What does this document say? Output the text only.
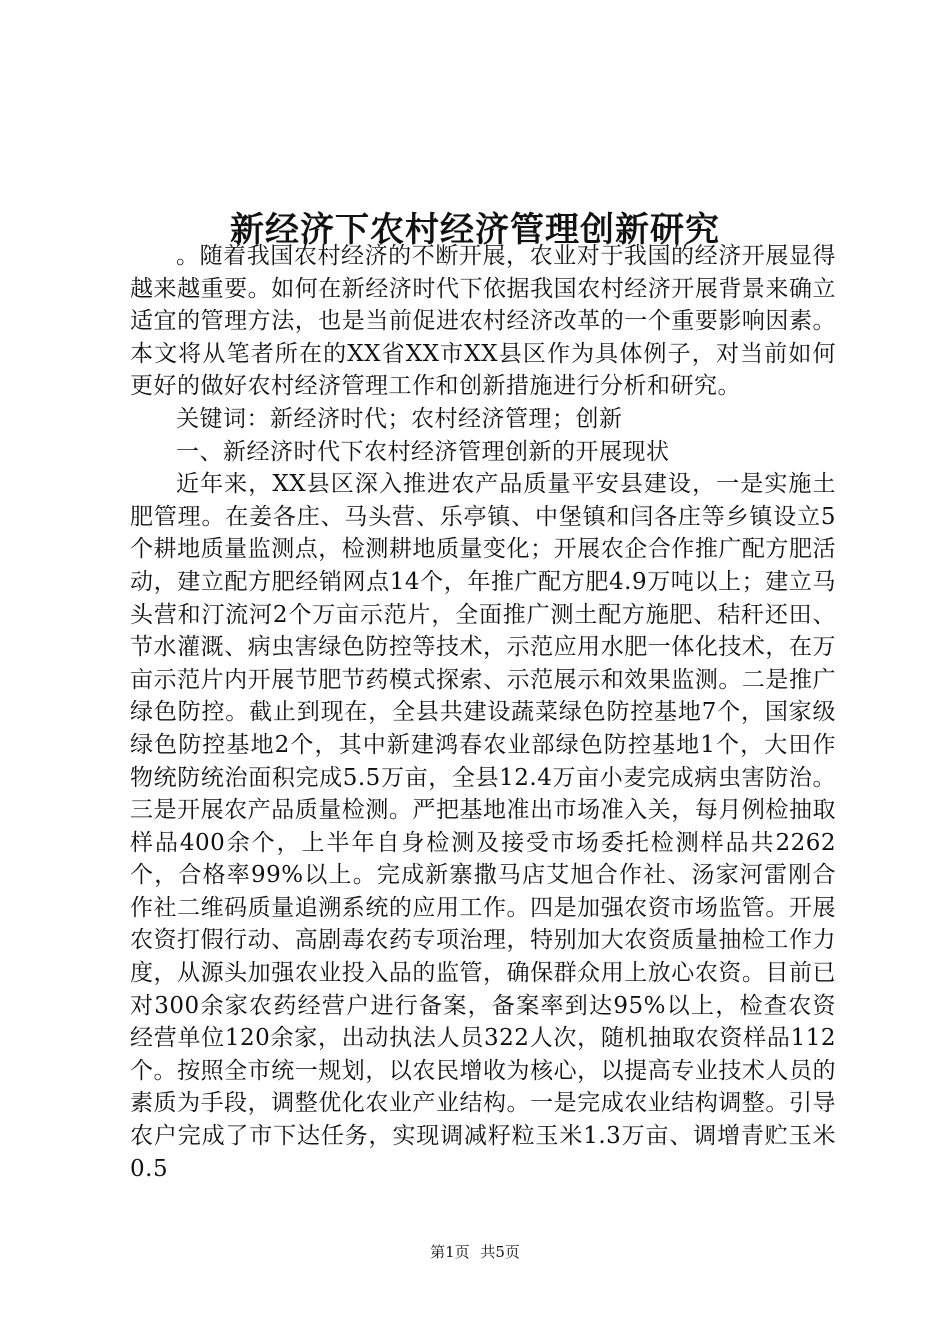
新经济下农村经济管理创新研究

。随着我国农村经济的不断开展，农业对于我国的经济开展显得越来越重要。如何在新经济时代下依据我国农村经济开展背景来确立适宜的管理方法，也是当前促进农村经济改革的一个重要影响因素。本文将从笔者所在的XX省XX市XX县区作为具体例子，对当前如何更好的做好农村经济管理工作和创新措施进行分析和研究。

关键词：新经济时代；农村经济管理；创新

一、新经济时代下农村经济管理创新的开展现状

近年来，XX县区深入推进农产品质量平安县建设，一是实施土肥管理。在姜各庄、马头营、乐亭镇、中堡镇和闫各庄等乡镇设立5个耕地质量监测点，检测耕地质量变化；开展农企合作推广配方肥活动，建立配方肥经销网点14个，年推广配方肥4.9万吨以上；建立马头营和汀流河2个万亩示范片，全面推广测土配方施肥、秸秆还田、节水灌溉、病虫害绿色防控等技术，示范应用水肥一体化技术，在万亩示范片内开展节肥节药模式探索、示范展示和效果监测。二是推广绿色防控。截止到现在，全县共建设蔬菜绿色防控基地7个，国家级绿色防控基地2个，其中新建鸿春农业部绿色防控基地1个，大田作物统防统治面积完成5.5万亩，全县12.4万亩小麦完成病虫害防治。三是开展农产品质量检测。严把基地准出市场准入关，每月例检抽取样品400余个，上半年自身检测及接受市场委托检测样品共2262个，合格率99%以上。完成新寨撒马店艾旭合作社、汤家河雷刚合作社二维码质量追溯系统的应用工作。四是加强农资市场监管。开展农资打假行动、高剧毒农药专项治理，特别加大农资质量抽检工作力度，从源头加强农业投入品的监管，确保群众用上放心农资。目前已对300余家农药经营户进行备案，备案率到达95%以上，检查农资经营单位120余家，出动执法人员322人次，随机抽取农资样品112个。按照全市统一规划，以农民增收为核心，以提高专业技术人员的素质为手段，调整优化农业产业结构。一是完成农业结构调整。引导农户完成了市下达任务，实现调减籽粒玉米1.3万亩、调增青贮玉米0.5

第1页 共5页
